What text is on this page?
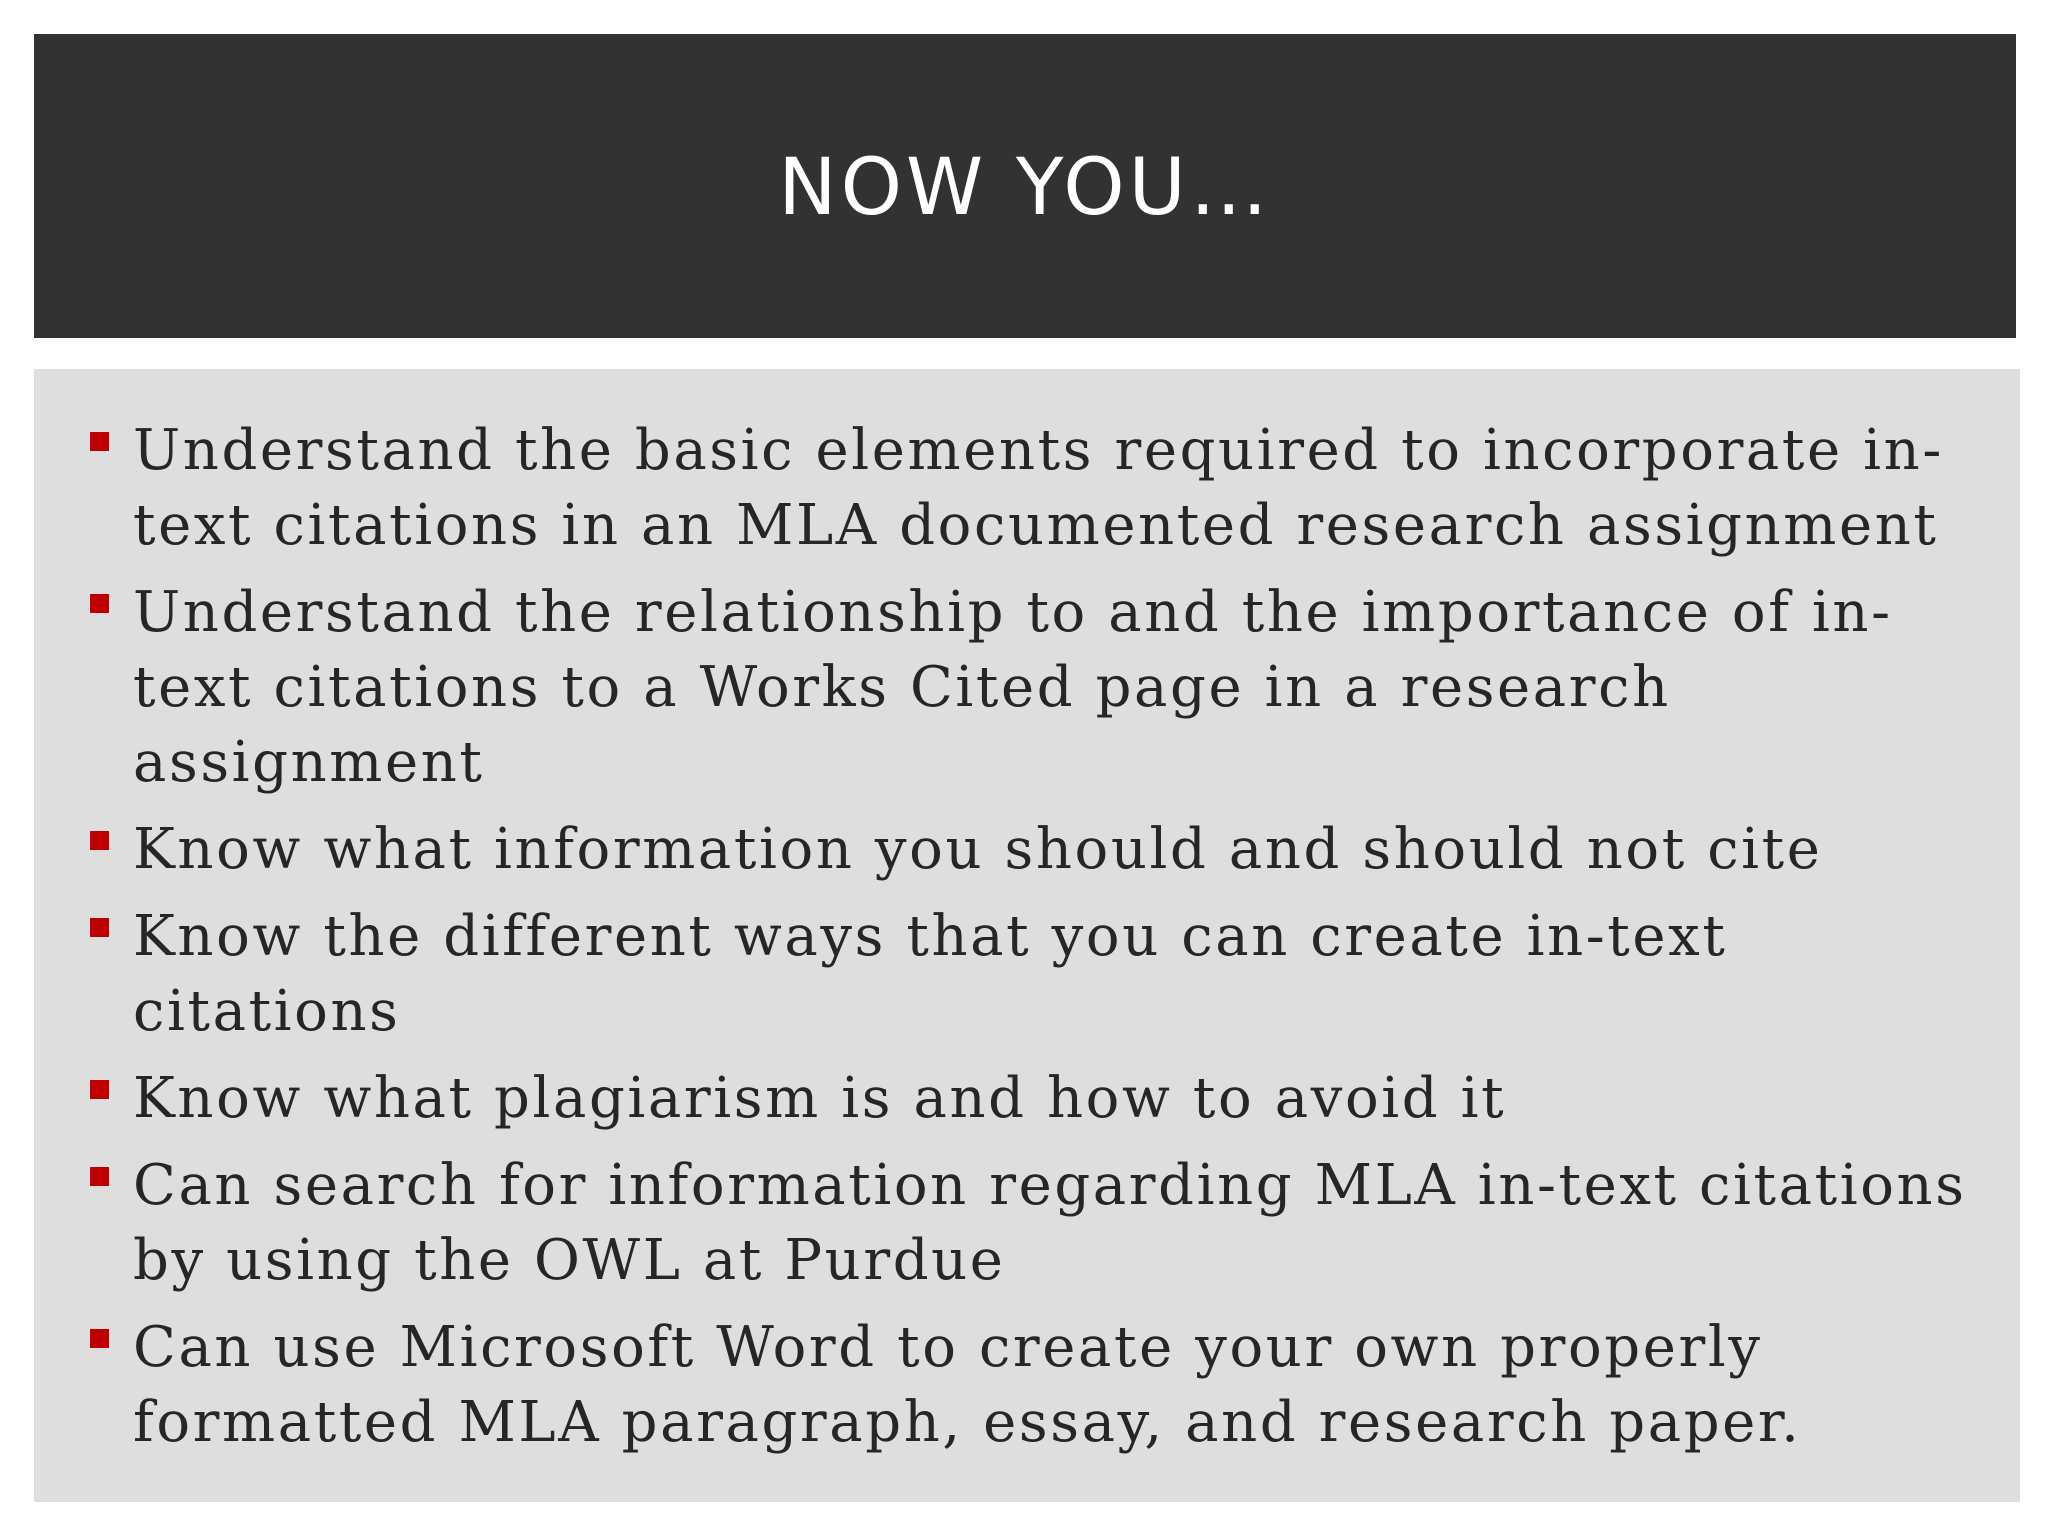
NOW YOU…
Understand the basic elements required to incorporate in-text citations in an MLA documented research assignment
Understand the relationship to and the importance of in-text citations to a Works Cited page in a research assignment
Know what information you should and should not cite
Know the different ways that you can create in-text citations
Know what plagiarism is and how to avoid it
Can search for information regarding MLA in-text citations by using the OWL at Purdue
Can use Microsoft Word to create your own properly formatted MLA paragraph, essay, and research paper.
